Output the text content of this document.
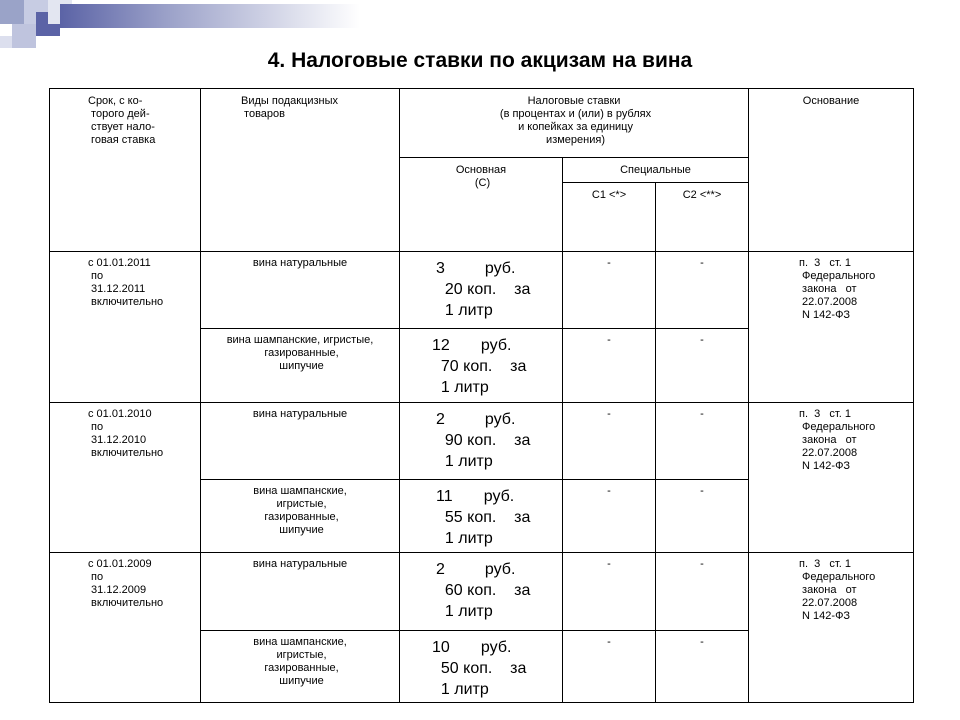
4. Налоговые ставки по акцизам на вина
Срок, с ко-
торого дей-
ствует нало-
говая ставка	Виды подакцизных
товаров	Налоговые ставки
(в процентах и (или) в рублях
и копейках за единицу
измерения)			Основание
		Основная
(С)	Специальные		
			С1 <*>	С2 <**>	
с 01.01.2011
по
31.12.2011
включительно	вина натуральные	3         руб.
20 коп.    за
1 литр	-	-	п.  3   ст. 1
Федерального
закона   от
22.07.2008
N 142-ФЗ
	вина шампанские, игристые,
газированные,
шипучие	12       руб.
70 коп.    за
1 литр	-	-	
с 01.01.2010
по
31.12.2010
включительно	вина натуральные	2         руб.
90 коп.    за
1 литр	-	-	п.  3   ст. 1
Федерального
закона   от
22.07.2008
N 142-ФЗ
	вина шампанские,
игристые,
газированные,
шипучие	11       руб.
55 коп.    за
1 литр	-	-	
с 01.01.2009
по
31.12.2009
включительно	вина натуральные	2         руб.
60 коп.    за
1 литр	-	-	п.  3   ст. 1
Федерального
закона   от
22.07.2008
N 142-ФЗ
	вина шампанские,
игристые,
газированные,
шипучие	10       руб.
50 коп.    за
1 литр	-	-	
